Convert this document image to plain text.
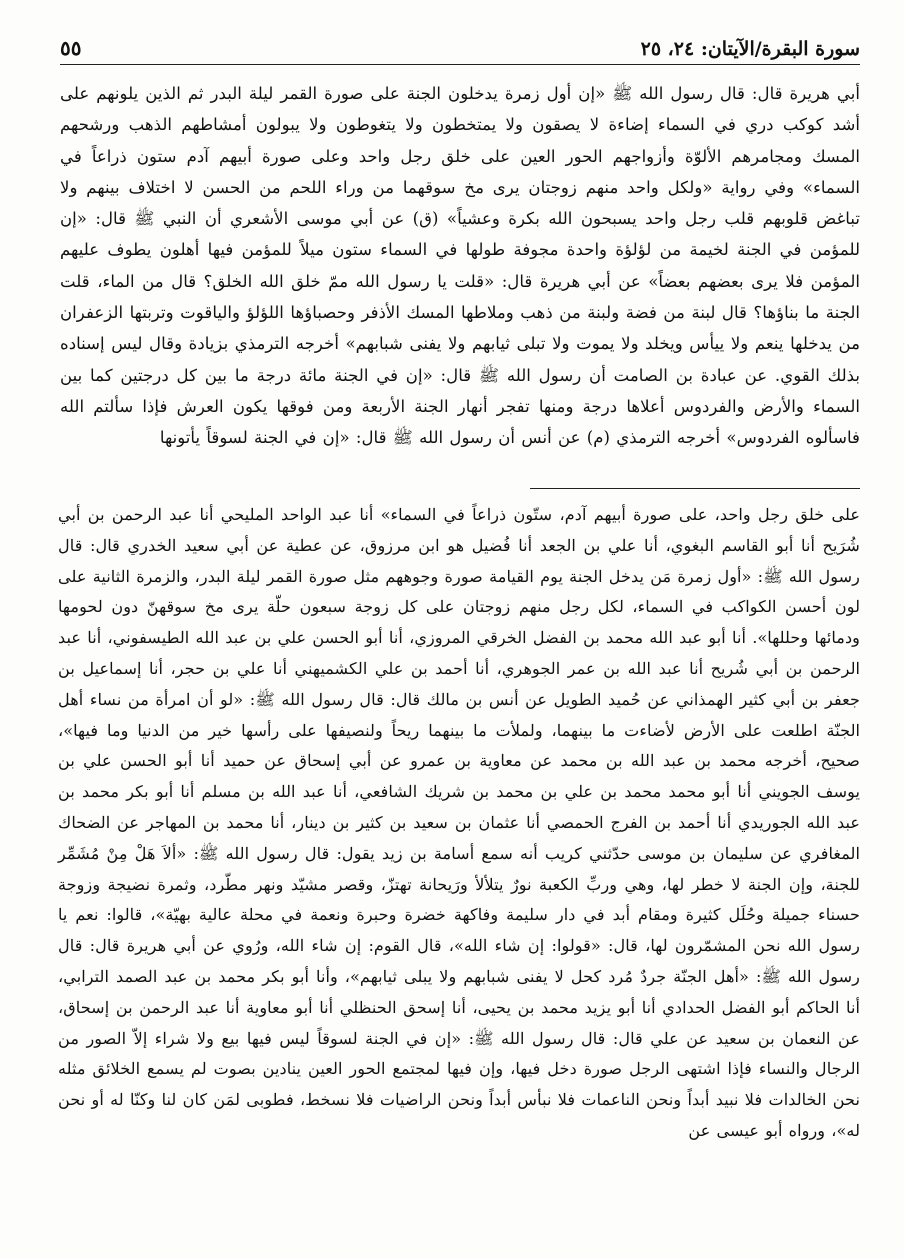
سورة البقرة/الآيتان: ٢٤، ٢٥
٥٥

أبي هريرة قال: قال رسول الله ﷺ «إن أول زمرة يدخلون الجنة على صورة القمر ليلة البدر ثم الذين يلونهم على أشد كوكب دري في السماء إضاءة لا يصقون ولا يمتخطون ولا يتغوطون ولا يبولون أمشاطهم الذهب ورشحهم المسك ومجامرهم الألوّة وأزواجهم الحور العين على خلق رجل واحد وعلى صورة أبيهم آدم ستون ذراعاً في السماء» وفي رواية «ولكل واحد منهم زوجتان يرى مخ سوقهما من وراء اللحم من الحسن لا اختلاف بينهم ولا تباغض قلوبهم قلب رجل واحد يسبحون الله بكرة وعشياً» (ق) عن أبي موسى الأشعري أن النبي ﷺ قال: «إن للمؤمن في الجنة لخيمة من لؤلؤة واحدة مجوفة طولها في السماء ستون ميلاً للمؤمن فيها أهلون يطوف عليهم المؤمن فلا يرى بعضهم بعضاً» عن أبي هريرة قال: «قلت يا رسول الله ممّ خلق الله الخلق؟ قال من الماء، قلت الجنة ما بناؤها؟ قال لبنة من فضة ولبنة من ذهب وملاطها المسك الأذفر وحصباؤها اللؤلؤ والياقوت وتربتها الزعفران من يدخلها ينعم ولا ييأس ويخلد ولا يموت ولا تبلى ثيابهم ولا يفنى شبابهم» أخرجه الترمذي بزيادة وقال ليس إسناده بذلك القوي. عن عبادة بن الصامت أن رسول الله ﷺ قال: «إن في الجنة مائة درجة ما بين كل درجتين كما بين السماء والأرض والفردوس أعلاها درجة ومنها تفجر أنهار الجنة الأربعة ومن فوقها يكون العرش فإذا سألتم الله فاسألوه الفردوس» أخرجه الترمذي (م) عن أنس أن رسول الله ﷺ قال: «إن في الجنة لسوقاً يأتونها

على خلق رجل واحد، على صورة أبيهم آدم، ستّون ذراعاً في السماء» أنا عبد الواحد المليحي أنا عبد الرحمن بن أبي شُرَيح أنا أبو القاسم البغوي، أنا علي بن الجعد أنا فُضيل هو ابن مرزوق، عن عطية عن أبي سعيد الخدري قال: قال رسول الله ﷺ: «أول زمرة مَن يدخل الجنة يوم القيامة صورة وجوههم مثل صورة القمر ليلة البدر، والزمرة الثانية على لون أحسن الكواكب في السماء، لكل رجل منهم زوجتان على كل زوجة سبعون حلّة يرى مخ سوقهنّ دون لحومها ودمائها وحللها». أنا أبو عبد الله محمد بن الفضل الخرقي المروزي، أنا أبو الحسن علي بن عبد الله الطيسفوني، أنا عبد الرحمن بن أبي شُريح أنا عبد الله بن عمر الجوهري، أنا أحمد بن علي الكشميهني أنا علي بن حجر، أنا إسماعيل بن جعفر بن أبي كثير الهمذاني عن حُميد الطويل عن أنس بن مالك قال: قال رسول الله ﷺ: «لو أن امرأة من نساء أهل الجنّة اطلعت على الأرض لأضاءت ما بينهما، ولملأت ما بينهما ريحاً ولنصيفها على رأسها خير من الدنيا وما فيها»، صحيح، أخرجه محمد بن عبد الله بن محمد عن معاوية بن عمرو عن أبي إسحاق عن حميد أنا أبو الحسن علي بن يوسف الجويني أنا أبو محمد محمد بن علي بن محمد بن شريك الشافعي، أنا عبد الله بن مسلم أنا أبو بكر محمد بن عبد الله الجوريدي أنا أحمد بن الفرج الحمصي أنا عثمان بن سعيد بن كثير بن دينار، أنا محمد بن المهاجر عن الضحاك المغافري عن سليمان بن موسى حدّثني كريب أنه سمع أسامة بن زيد يقول: قال رسول الله ﷺ: «ألاَ هَلْ مِنْ مُشَمِّر للجنة، وإن الجنة لا خطر لها، وهي وربِّ الكعبة نورٌ يتلألأ ورَيحانة تهتزّ، وقصر مشيّد ونهر مطّرد، وثمرة نضيجة وزوجة حسناء جميلة وحُلَل كثيرة ومقام أبد في دار سليمة وفاكهة خضرة وحبرة ونعمة في محلة عالية بهيّة»، قالوا: نعم يا رسول الله نحن المشمّرون لها، قال: «قولوا: إن شاء الله»، قال القوم: إن شاء الله، ورُوي عن أبي هريرة قال: قال رسول الله ﷺ: «أهل الجنّة جردٌ مُرد كحل لا يفنى شبابهم ولا يبلى ثيابهم»، وأنا أبو بكر محمد بن عبد الصمد الترابي، أنا الحاكم أبو الفضل الحدادي أنا أبو يزيد محمد بن يحيى، أنا إسحق الحنظلي أنا أبو معاوية أنا عبد الرحمن بن إسحاق، عن النعمان بن سعيد عن علي قال: قال رسول الله ﷺ: «إن في الجنة لسوقاً ليس فيها بيع ولا شراء إلاّ الصور من الرجال والنساء فإذا اشتهى الرجل صورة دخل فيها، وإن فيها لمجتمع الحور العين ينادين بصوت لم يسمع الخلائق مثله نحن الخالدات فلا نبيد أبداً ونحن الناعمات فلا نبأس أبداً ونحن الراضيات فلا نسخط، فطوبى لمَن كان لنا وكنّا له أو نحن له»، ورواه أبو عيسى عن
